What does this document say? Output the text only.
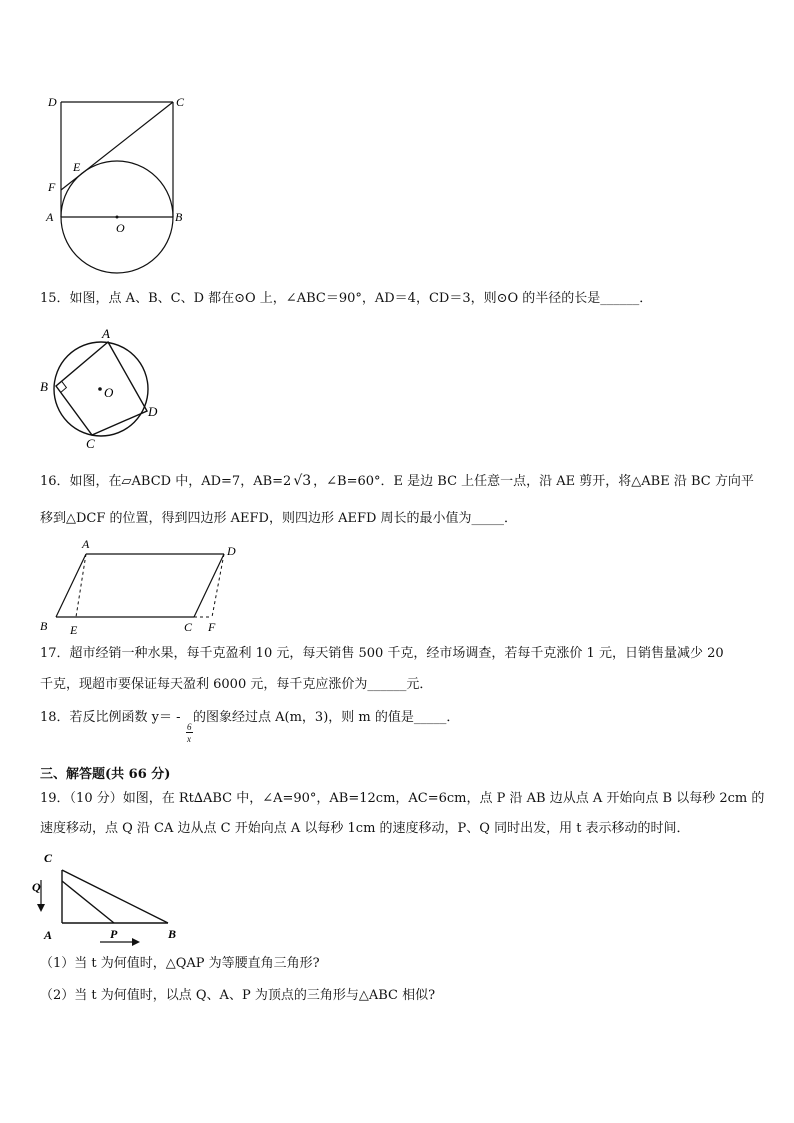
D	C
E
F
A	B
O
15．如图，点 A、B、C、D 都在⊙O 上，∠ABC＝90°，AD＝4，CD＝3，则⊙O 的半径的长是______．
A
B
C
D
O
16．如图，在▱ABCD 中，AD=7，AB=2 √3 ，∠B=60°．E 是边 BC 上任意一点，沿 AE 剪开，将△ABE 沿 BC 方向平
移到△DCF 的位置，得到四边形 AEFD，则四边形 AEFD 周长的最小值为_____．
A	D
B E	C F
17．超市经销一种水果，每千克盈利 10 元，每天销售 500 千克，经市场调查，若每千克涨价 1 元，日销售量减少 20
千克，现超市要保证每天盈利 6000 元，每千克应涨价为______元．
18．若反比例函数 y＝ - 的图象经过点 A(m，3)，则 m 的值是_____．
6
x
三、解答题(共 66 分)
19．（10 分）如图，在 Rt∆ABC 中，∠A=90°，AB=12cm，AC=6cm，点 P 沿 AB 边从点 A 开始向点 B 以每秒 2cm 的
速度移动，点 Q 沿 CA 边从点 C 开始向点 A 以每秒 1cm 的速度移动，P、Q 同时出发，用 t 表示移动的时间．
C
Q
A	P	B
（1）当 t 为何值时，△QAP 为等腰直角三角形?
（2）当 t 为何值时，以点 Q、A、P 为顶点的三角形与△ABC 相似?
